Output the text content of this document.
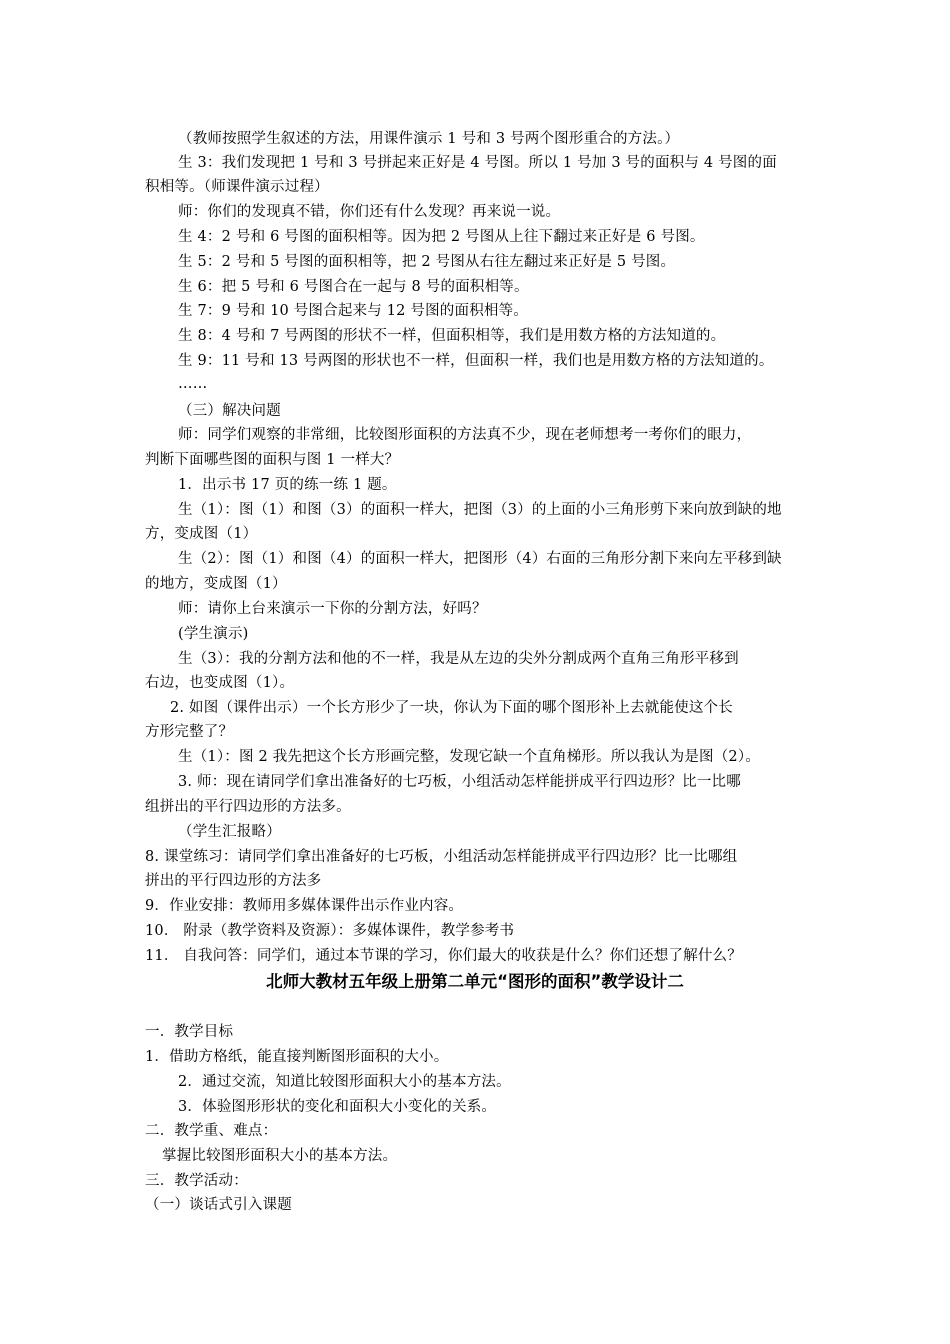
（教师按照学生叙述的方法，用课件演示 1 号和 3 号两个图形重合的方法。）
生 3：我们发现把 1 号和 3 号拼起来正好是 4 号图。所以 1 号加 3 号的面积与 4 号图的面
积相等。（师课件演示过程）
师：你们的发现真不错，你们还有什么发现？再来说一说。
生 4：2 号和 6 号图的面积相等。因为把 2 号图从上往下翻过来正好是 6 号图。
生 5：2 号和 5 号图的面积相等，把 2 号图从右往左翻过来正好是 5 号图。
生 6：把 5 号和 6 号图合在一起与 8 号的面积相等。
生 7：9 号和 10 号图合起来与 12 号图的面积相等。
生 8：4 号和 7 号两图的形状不一样，但面积相等，我们是用数方格的方法知道的。
生 9：11 号和 13 号两图的形状也不一样，但面积一样，我们也是用数方格的方法知道的。
……
（三）解决问题
师：同学们观察的非常细，比较图形面积的方法真不少，现在老师想考一考你们的眼力，
判断下面哪些图的面积与图 1 一样大？
1．出示书 17 页的练一练 1 题。
生（1）：图（1）和图（3）的面积一样大，把图（3）的上面的小三角形剪下来向放到缺的地
方，变成图（1）
生（2）：图（1）和图（4）的面积一样大，把图形（4）右面的三角形分割下来向左平移到缺
的地方，变成图（1）
师：请你上台来演示一下你的分割方法，好吗？
(学生演示)
生（3）：我的分割方法和他的不一样，我是从左边的尖外分割成两个直角三角形平移到
右边，也变成图（1）。
2. 如图（课件出示）一个长方形少了一块，你认为下面的哪个图形补上去就能使这个长
方形完整了？
生（1）：图 2 我先把这个长方形画完整，发现它缺一个直角梯形。所以我认为是图（2）。
3. 师：现在请同学们拿出准备好的七巧板，小组活动怎样能拼成平行四边形？比一比哪
组拼出的平行四边形的方法多。
（学生汇报略）
8. 课堂练习：请同学们拿出准备好的七巧板，小组活动怎样能拼成平行四边形？比一比哪组
拼出的平行四边形的方法多
9．作业安排：教师用多媒体课件出示作业内容。
10． 附录（教学资料及资源）：多媒体课件，教学参考书
11． 自我问答：同学们，通过本节课的学习，你们最大的收获是什么？你们还想了解什么？
北师大教材五年级上册第二单元“图形的面积”教学设计二
一．教学目标
1．借助方格纸，能直接判断图形面积的大小。
2．通过交流，知道比较图形面积大小的基本方法。
3．体验图形形状的变化和面积大小变化的关系。
二．教学重、难点：
掌握比较图形面积大小的基本方法。
三．教学活动：
（一）谈话式引入课题
